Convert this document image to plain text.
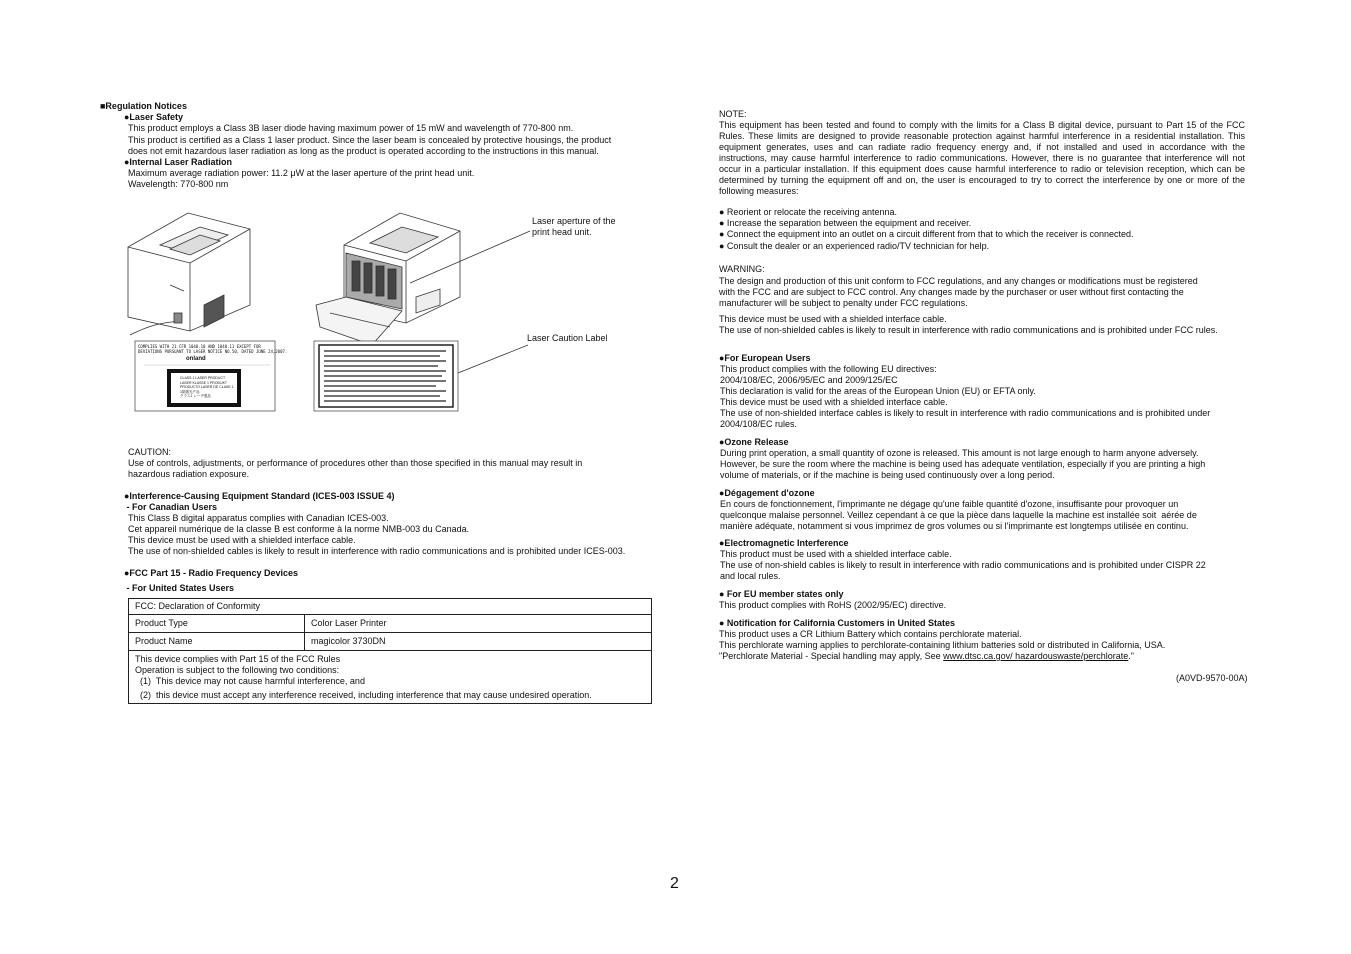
■Regulation Notices
●Laser Safety
This product employs a Class 3B laser diode having maximum power of 15 mW and wavelength of 770-800 nm.
This product is certified as a Class 1 laser product. Since the laser beam is concealed by protective housings, the product
does not emit hazardous laser radiation as long as the product is operated according to the instructions in this manual.
●Internal Laser Radiation
Maximum average radiation power: 11.2 μW at the laser aperture of the print head unit.
Wavelength: 770-800 nm
COMPLIES WITH 21 CFR 1040.10 AND 1040.11 EXCEPT FOR
DEVIATIONS PURSUANT TO LASER NOTICE NO.50, DATED JUNE 24,2007.
onland
CLASS 1 LASER PRODUCT
LASER KLASSE 1 PRODUKT
PRODUCTO LASER DE CLASE 1
1類激光产品
クラス1 レーザ製品
Laser aperture of the
print head unit.
Laser Caution Label
CAUTION:
Use of controls, adjustments, or performance of procedures other than those specified in this manual may result in
hazardous radiation exposure.
●Interference-Causing Equipment Standard (ICES-003 ISSUE 4)
- For Canadian Users
This Class B digital apparatus complies with Canadian ICES-003.
Cet appareil numérique de la classe B est conforme à la norme NMB-003 du Canada.
This device must be used with a shielded interface cable.
The use of non-shielded cables is likely to result in interference with radio communications and is prohibited under ICES-003.
●FCC Part 15 - Radio Frequency Devices
- For United States Users
FCC: Declaration of Conformity	
Product Type	Color Laser Printer
Product Name	magicolor 3730DN

This device complies with Part 15 of the FCC Rules
Operation is subject to the following two conditions:
(1)  This device may not cause harmful interference, and
(2)  this device must accept any interference received, including interference that may cause undesired operation.	
NOTE:
This equipment has been tested and found to comply with the limits for a Class B digital device, pursuant to Part 15 of the FCC Rules. These limits are designed to provide reasonable protection against harmful interference in a residential installation. This equipment generates, uses and can radiate radio frequency energy and, if not installed and used in accordance with the instructions, may cause harmful interference to radio communications. However, there is no guarantee that interference will not occur in a particular installation. If this equipment does cause harmful interference to radio or television reception, which can be determined by turning the equipment off and on, the user is encouraged to try to correct the interference by one or more of the following measures:
● Reorient or relocate the receiving antenna.
● Increase the separation between the equipment and receiver.
● Connect the equipment into an outlet on a circuit different from that to which the receiver is connected.
● Consult the dealer or an experienced radio/TV technician for help.
WARNING:
The design and production of this unit conform to FCC regulations, and any changes or modifications must be registered
with the FCC and are subject to FCC control. Any changes made by the purchaser or user without first contacting the
manufacturer will be subject to penalty under FCC regulations.
This device must be used with a shielded interface cable.
The use of non-shielded cables is likely to result in interference with radio communications and is prohibited under FCC rules.
●For European Users
This product complies with the following EU directives:
2004/108/EC, 2006/95/EC and 2009/125/EC
This declaration is valid for the areas of the European Union (EU) or EFTA only.
This device must be used with a shielded interface cable.
The use of non-shielded interface cables is likely to result in interference with radio communications and is prohibited under
2004/108/EC rules.
●Ozone Release
During print operation, a small quantity of ozone is released. This amount is not large enough to harm anyone adversely.
However, be sure the room where the machine is being used has adequate ventilation, especially if you are printing a high
volume of materials, or if the machine is being used continuously over a long period.
●Dégagement d'ozone
En cours de fonctionnement, l'imprimante ne dégage qu'une faible quantité d'ozone, insuffisante pour provoquer un
quelconque malaise personnel. Veillez cependant à ce que la pièce dans laquelle la machine est installée soit  aérée de
manière adéquate, notamment si vous imprimez de gros volumes ou si l'imprimante est longtemps utilisée en continu.
●Electromagnetic Interference
This product must be used with a shielded interface cable.
The use of non-shield cables is likely to result in interference with radio communications and is prohibited under CISPR 22
and local rules.
● For EU member states only
This product complies with RoHS (2002/95/EC) directive.
● Notification for California Customers in United States
This product uses a CR Lithium Battery which contains perchlorate material.
This perchlorate warning applies to perchlorate-containing lithium batteries sold or distributed in California, USA.
"Perchlorate Material - Special handling may apply, See www.dtsc.ca.gov/ hazardouswaste/perchlorate."
(A0VD-9570-00A)
2
